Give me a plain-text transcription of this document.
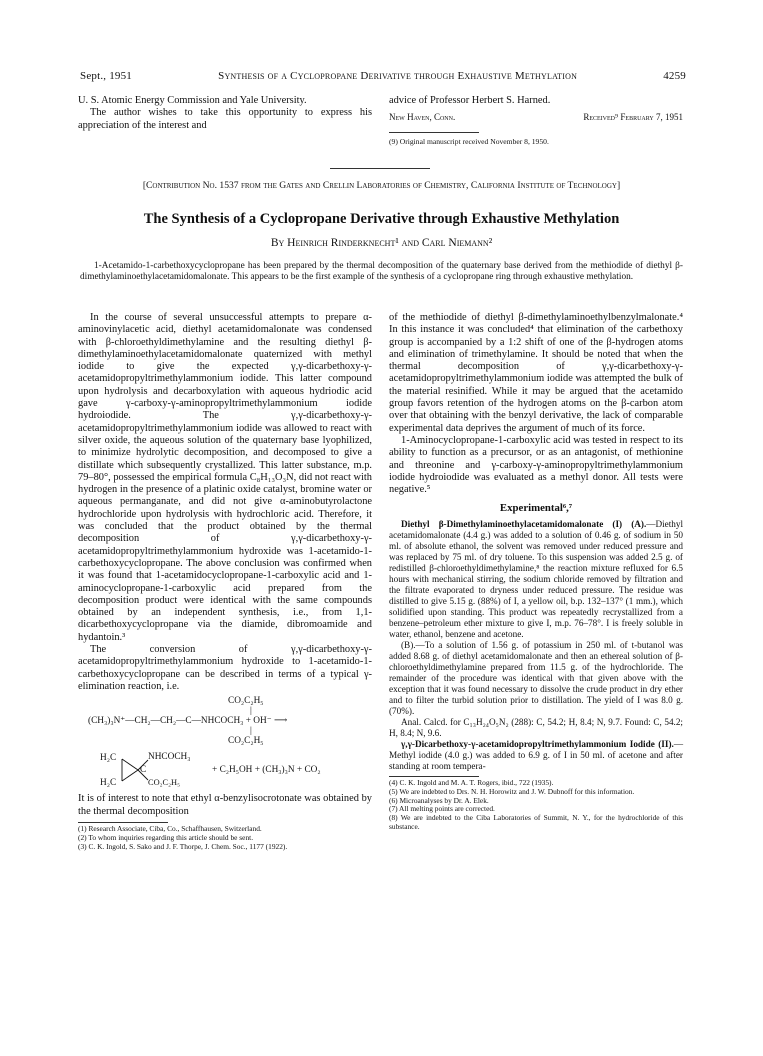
Sept., 1951	Synthesis of a Cyclopropane Derivative through Exhaustive Methylation	4259

U. S. Atomic Energy Commission and Yale University.

The author wishes to take this opportunity to express his appreciation of the interest and

advice of Professor Herbert S. Harned.

New Haven, Conn.	Received⁹ February 7, 1951

(9) Original manuscript received November 8, 1950.

[Contribution No. 1537 from the Gates and Crellin Laboratories of Chemistry, California Institute of Technology]
The Synthesis of a Cyclopropane Derivative through Exhaustive Methylation
By Heinrich Rinderknecht¹ and Carl Niemann²
1-Acetamido-1-carbethoxycyclopropane has been prepared by the thermal decomposition of the quaternary base derived from the methiodide of diethyl β-dimethylaminoethylacetamidomalonate. This appears to be the first example of the synthesis of a cyclopropane ring through exhaustive methylation.

In the course of several unsuccessful attempts to prepare α-aminovinylacetic acid, diethyl acetamidomalonate was condensed with β-chloroethyldimethylamine and the resulting diethyl β-dimethylaminoethylacetamidomalonate quaternized with methyl iodide to give the expected γ,γ-dicarbethoxy-γ-acetamidopropyltrimethylammonium iodide. This latter compound upon hydrolysis and decarboxylation with aqueous hydriodic acid gave γ-carboxy-γ-aminopropyltrimethylammonium iodide hydroiodide. The γ,γ-dicarbethoxy-γ-acetamidopropyltrimethylammonium iodide was allowed to react with silver oxide, the aqueous solution of the quaternary base lyophilized, to minimize hydrolytic decomposition, and decomposed to give a distillate which subsequently crystallized. This latter substance, m.p. 79–80°, possessed the empirical formula C₈H₁₃O₃N, did not react with hydrogen in the presence of a platinic oxide catalyst, bromine water or aqueous permanganate, and did not give α-aminobutyrolactone hydrochloride upon hydrolysis with hydrochloric acid. Therefore, it was concluded that the product obtained by the thermal decomposition of γ,γ-dicarbethoxy-γ-acetamidopropyltrimethylammonium hydroxide was 1-acetamido-1-carbethoxycyclopropane. The above conclusion was confirmed when it was found that 1-acetamidocyclopropane-1-carboxylic acid and 1-aminocyclopropane-1-carboxylic acid prepared from the decomposition product were identical with the same compounds obtained by an independent synthesis, i.e., from 1,1-dicarbethoxycyclopropane via the diamide, dibromoamide and hydantoin.³

The conversion of γ,γ-dicarbethoxy-γ-acetamidopropyltrimethylammonium hydroxide to 1-acetamido-1-carbethoxycyclopropane can be described in terms of a typical γ-elimination reaction, i.e.

CO₂C₂H₅
|
(CH₃)₃N⁺—CH₂—CH₂—C—NHCOCH₃ + OH⁻ ⟶
|
CO₂C₂H₅
H₂C
C
NHCOCH₃
H₂C	CO₂C₂H₅
+ C₂H₅OH + (CH₃)₃N + CO₂

It is of interest to note that ethyl α-benzylisocrotonate was obtained by the thermal decomposition

(1) Research Associate, Ciba, Co., Schaffhausen, Switzerland.

(2) To whom inquiries regarding this article should be sent.

(3) C. K. Ingold, S. Sako and J. F. Thorpe, J. Chem. Soc., 1177 (1922).

of the methiodide of diethyl β-dimethylaminoethylbenzylmalonate.⁴ In this instance it was concluded⁴ that elimination of the carbethoxy group is accompanied by a 1:2 shift of one of the β-hydrogen atoms and elimination of trimethylamine. It should be noted that when the thermal decomposition of γ,γ-dicarbethoxy-γ-acetamidopropyltrimethylammonium iodide was attempted the bulk of the material resinified. While it may be argued that the acetamido group favors retention of the hydrogen atoms on the β-carbon atom over that obtaining with the benzyl derivative, the lack of comparable experimental data deprives the argument of much of its force.

1-Aminocyclopropane-1-carboxylic acid was tested in respect to its ability to function as a precursor, or as an antagonist, of methionine and threonine and γ-carboxy-γ-aminopropyltrimethylammonium iodide hydroiodide was evaluated as a methyl donor. All tests were negative.⁵

Experimental⁶,⁷

Diethyl β-Dimethylaminoethylacetamidomalonate (I) (A).—Diethyl acetamidomalonate (4.4 g.) was added to a solution of 0.46 g. of sodium in 50 ml. of absolute ethanol, the solvent was removed under reduced pressure and was replaced by 75 ml. of dry toluene. To this suspension was added 2.5 g. of redistilled β-chloroethyldimethylamine,⁸ the reaction mixture refluxed for 6.5 hours with mechanical stirring, the sodium chloride removed by filtration and the filtrate evaporated to dryness under reduced pressure. The residue was distilled to give 5.15 g. (88%) of I, a yellow oil, b.p. 132–137° (1 mm.), which solidified upon standing. This product was repeatedly recrystallized from a benzene–petroleum ether mixture to give I, m.p. 76–78°. I is freely soluble in water, ethanol, benzene and acetone.

(B).—To a solution of 1.56 g. of potassium in 250 ml. of t-butanol was added 8.68 g. of diethyl acetamidomalonate and then an ethereal solution of β-chloroethyldimethylamine prepared from 11.5 g. of the hydrochloride. The remainder of the procedure was identical with that given above with the exception that it was found necessary to dissolve the crude product in dry ether and to filter the turbid solution prior to distillation. The yield of I was 8.0 g. (70%).

Anal. Calcd. for C₁₃H₂₄O₅N₂ (288): C, 54.2; H, 8.4; N, 9.7. Found: C, 54.2; H, 8.4; N, 9.6.

γ,γ-Dicarbethoxy-γ-acetamidopropyltrimethylammonium Iodide (II).—Methyl iodide (4.0 g.) was added to 6.9 g. of I in 50 ml. of acetone and after standing at room tempera-

(4) C. K. Ingold and M. A. T. Rogers, ibid., 722 (1935).

(5) We are indebted to Drs. N. H. Horowitz and J. W. Dubnoff for this information.

(6) Microanalyses by Dr. A. Elek.

(7) All melting points are corrected.

(8) We are indebted to the Ciba Laboratories of Summit, N. Y., for the hydrochloride of this substance.
